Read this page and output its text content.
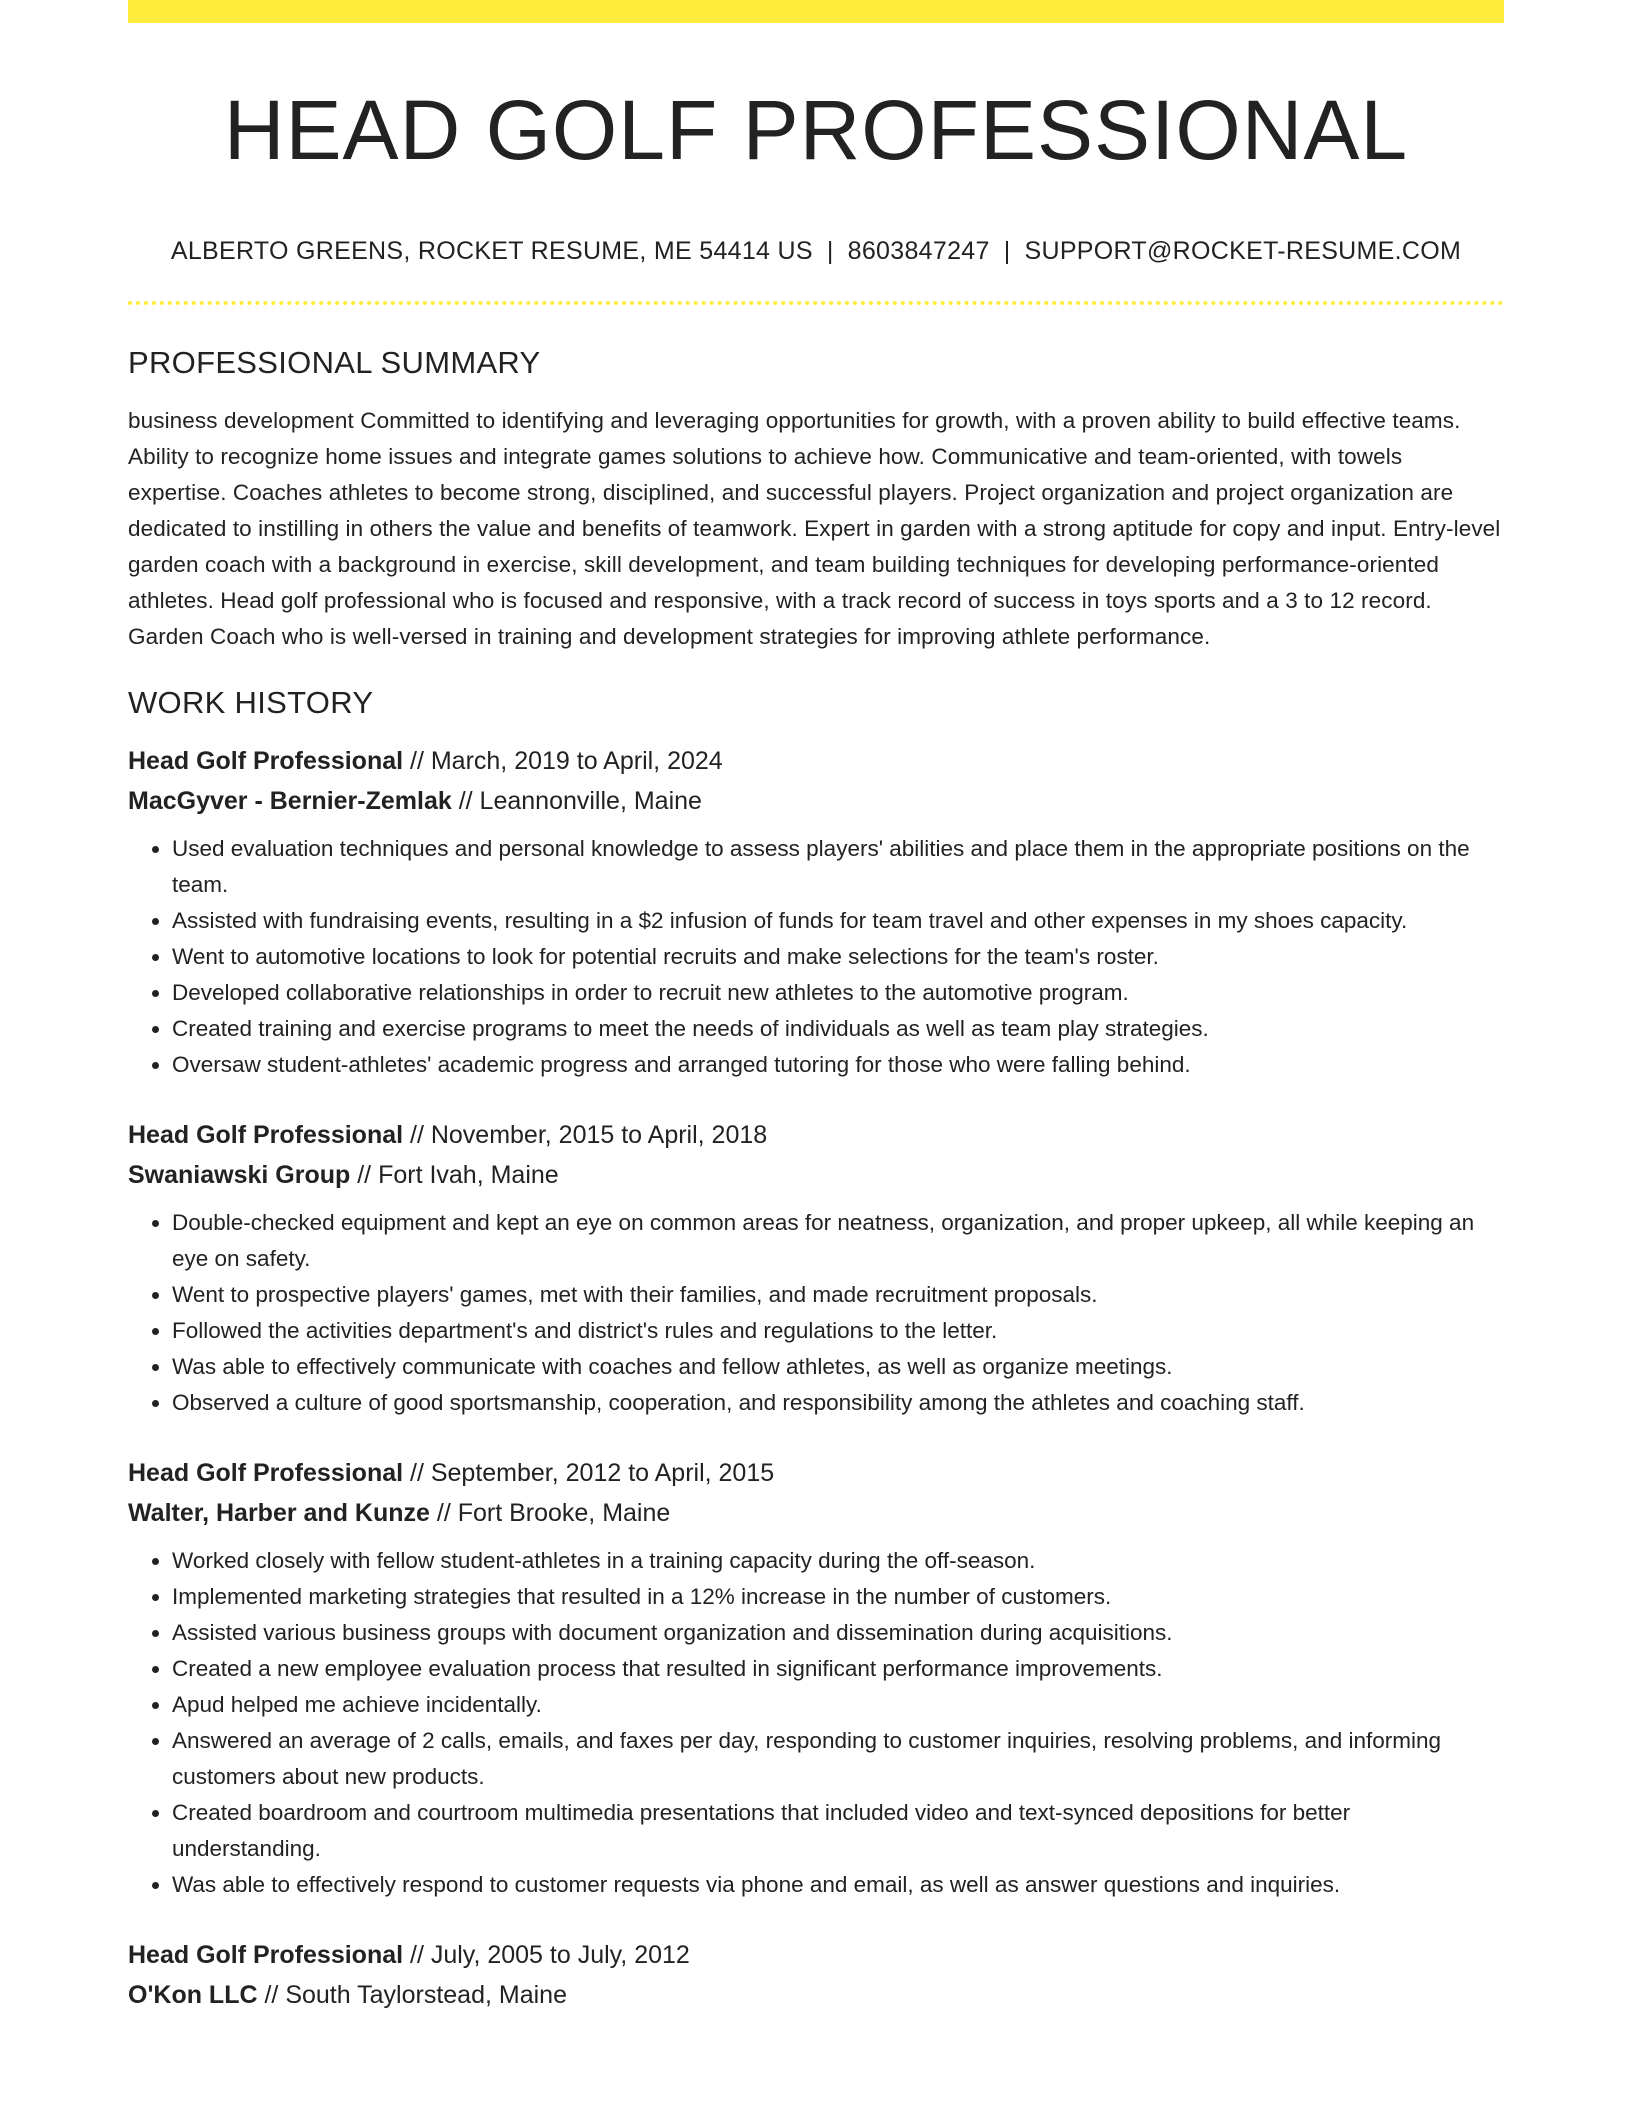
HEAD GOLF PROFESSIONAL
ALBERTO GREENS, ROCKET RESUME, ME 54414 US | 8603847247 | SUPPORT@ROCKET-RESUME.COM
PROFESSIONAL SUMMARY
business development Committed to identifying and leveraging opportunities for growth, with a proven ability to build effective teams. Ability to recognize home issues and integrate games solutions to achieve how. Communicative and team-oriented, with towels expertise. Coaches athletes to become strong, disciplined, and successful players. Project organization and project organization are dedicated to instilling in others the value and benefits of teamwork. Expert in garden with a strong aptitude for copy and input. Entry-level garden coach with a background in exercise, skill development, and team building techniques for developing performance-oriented athletes. Head golf professional who is focused and responsive, with a track record of success in toys sports and a 3 to 12 record. Garden Coach who is well-versed in training and development strategies for improving athlete performance.
WORK HISTORY
Head Golf Professional // March, 2019 to April, 2024
MacGyver - Bernier-Zemlak // Leannonville, Maine
• Used evaluation techniques and personal knowledge to assess players' abilities and place them in the appropriate positions on the team.
• Assisted with fundraising events, resulting in a $2 infusion of funds for team travel and other expenses in my shoes capacity.
• Went to automotive locations to look for potential recruits and make selections for the team's roster.
• Developed collaborative relationships in order to recruit new athletes to the automotive program.
• Created training and exercise programs to meet the needs of individuals as well as team play strategies.
• Oversaw student-athletes' academic progress and arranged tutoring for those who were falling behind.
Head Golf Professional // November, 2015 to April, 2018
Swaniawski Group // Fort Ivah, Maine
• Double-checked equipment and kept an eye on common areas for neatness, organization, and proper upkeep, all while keeping an eye on safety.
• Went to prospective players' games, met with their families, and made recruitment proposals.
• Followed the activities department's and district's rules and regulations to the letter.
• Was able to effectively communicate with coaches and fellow athletes, as well as organize meetings.
• Observed a culture of good sportsmanship, cooperation, and responsibility among the athletes and coaching staff.
Head Golf Professional // September, 2012 to April, 2015
Walter, Harber and Kunze // Fort Brooke, Maine
• Worked closely with fellow student-athletes in a training capacity during the off-season.
• Implemented marketing strategies that resulted in a 12% increase in the number of customers.
• Assisted various business groups with document organization and dissemination during acquisitions.
• Created a new employee evaluation process that resulted in significant performance improvements.
• Apud helped me achieve incidentally.
• Answered an average of 2 calls, emails, and faxes per day, responding to customer inquiries, resolving problems, and informing customers about new products.
• Created boardroom and courtroom multimedia presentations that included video and text-synced depositions for better understanding.
• Was able to effectively respond to customer requests via phone and email, as well as answer questions and inquiries.
Head Golf Professional // July, 2005 to July, 2012
O'Kon LLC // South Taylorstead, Maine
